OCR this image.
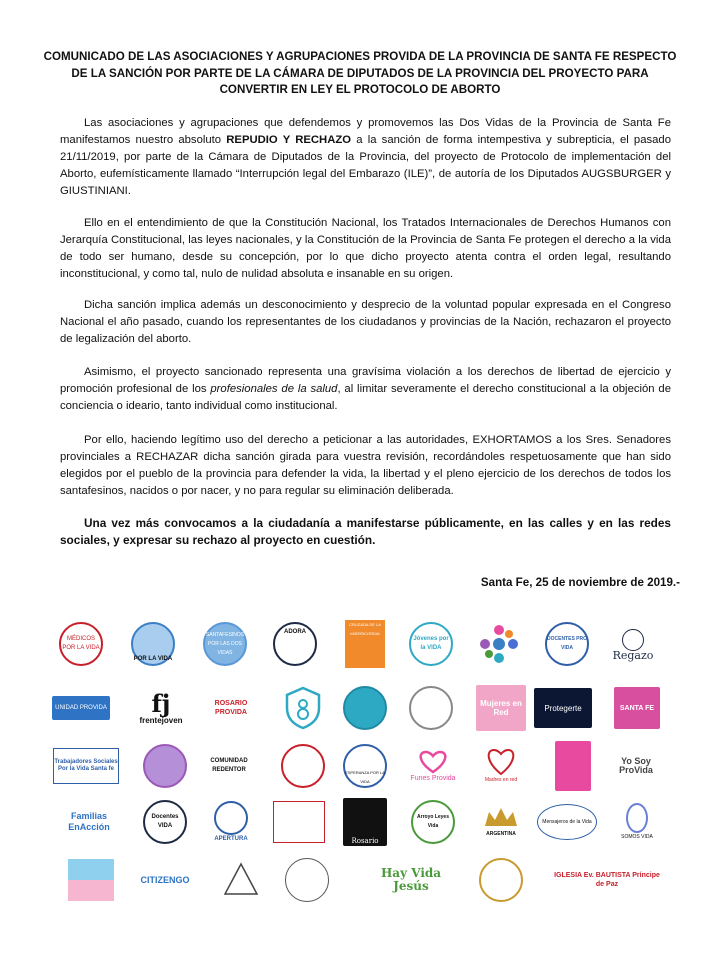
COMUNICADO DE LAS ASOCIACIONES Y AGRUPACIONES PROVIDA DE LA PROVINCIA DE SANTA FE RESPECTO DE LA SANCIÓN POR PARTE DE LA CÁMARA DE DIPUTADOS DE LA PROVINCIA DEL PROYECTO PARA CONVERTIR EN LEY EL PROTOCOLO DE ABORTO

Las asociaciones y agrupaciones que defendemos y promovemos las Dos Vidas de la Provincia de Santa Fe manifestamos nuestro absoluto REPUDIO Y RECHAZO a la sanción de forma intempestiva y subrepticia, el pasado 21/11/2019, por parte de la Cámara de Diputados de la Provincia, del proyecto de Protocolo de implementación del Aborto, eufemísticamente llamado “Interrupción legal del Embarazo (ILE)”, de autoría de los Diputados AUGSBURGER y GIUSTINIANI.

Ello en el entendimiento de que la Constitución Nacional, los Tratados Internacionales de Derechos Humanos con Jerarquía Constitucional, las leyes nacionales, y la Constitución de la Provincia de Santa Fe protegen el derecho a la vida de todo ser humano, desde su concepción, por lo que dicho proyecto atenta contra el orden legal, resultando inconstitucional, y como tal, nulo de nulidad absoluta e insanable en su origen.

Dicha sanción implica además un desconocimiento y desprecio de la voluntad popular expresada en el Congreso Nacional el año pasado, cuando los representantes de los ciudadanos y provincias de la Nación, rechazaron el proyecto de legalización del aborto.

Asimismo, el proyecto sancionado representa una gravísima violación a los derechos de libertad de ejercicio y promoción profesional de los profesionales de la salud, al limitar severamente el derecho constitucional a la objeción de conciencia o ideario, tanto individual como institucional.

Por ello, haciendo legítimo uso del derecho a peticionar a las autoridades, EXHORTAMOS a los Sres. Senadores provinciales a RECHAZAR dicha sanción girada para vuestra revisión, recordándoles respetuosamente que han sido elegidos por el pueblo de la provincia para defender la vida, la libertad y el pleno ejercicio de los derechos de todos los santafesinos, nacidos o por nacer, y no para regular su eliminación deliberada.

Una vez más convocamos a la ciudadanía a manifestarse públicamente, en las calles y en las redes sociales, y expresar su rechazo al proyecto en cuestión.

Santa Fe, 25 de noviembre de 2019.-
MÉDICOS POR LA VIDA
POR LA VIDA
SANTAFESINOS POR LAS DOS VIDAS
ADORA
CRUZADA DE LA MISERICORDIA
Jóvenes por la VIDA
DOCENTES PRO VIDA
Regazo
UNIDAD PROVIDA fj
frentejoven
ROSARIO PROVIDA
Mujeres en Red	Protegerte	SANTA FE
Trabajadores Sociales Por la Vida Santa fe
COMUNIDAD REDENTOR	ESPERANZA POR LA VIDA	Funes Provida	Madres en red
Yo Soy ProVida
Familias EnAcción
Docentes VIDA
APERTURA	Rosario
Arroyo Leyes Vida
ARGENTINA
Mensajeros de la Vida
SOMOS VIDA
CITIZENGO	Hay Vida Jesús
IGLESIA Ev. BAUTISTA Príncipe de Paz
